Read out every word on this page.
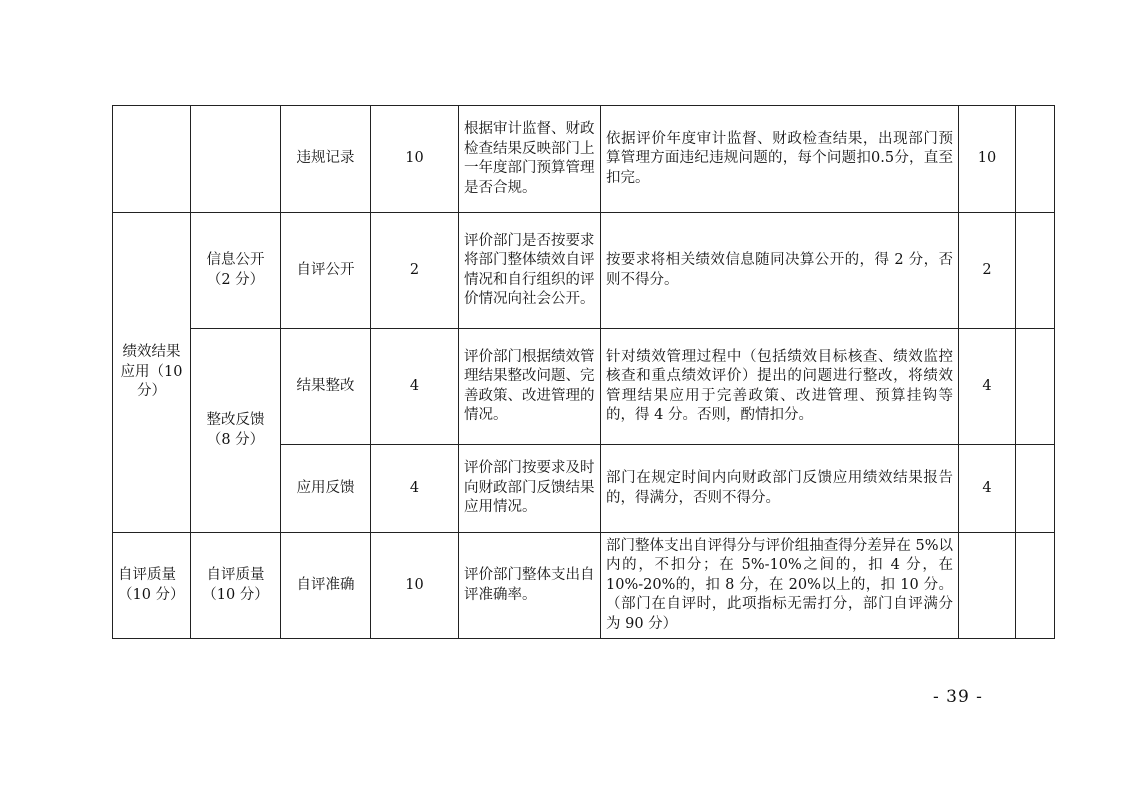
		违规记录	10	根据审计监督、财政检查结果反映部门上一年度部门预算管理是否合规。	依据评价年度审计监督、财政检查结果，出现部门预算管理方面违纪违规问题的，每个问题扣0.5分，直至扣完。	10	
绩效结果应用（10 分）	信息公开（2 分）	自评公开	2	评价部门是否按要求将部门整体绩效自评情况和自行组织的评价情况向社会公开。	按要求将相关绩效信息随同决算公开的，得 2 分，否则不得分。	2	
	整改反馈（8 分）	结果整改	4	评价部门根据绩效管理结果整改问题、完善政策、改进管理的情况。	针对绩效管理过程中（包括绩效目标核查、绩效监控核查和重点绩效评价）提出的问题进行整改，将绩效管理结果应用于完善政策、改进管理、预算挂钩等的，得 4 分。否则，酌情扣分。	4	
		应用反馈	4	评价部门按要求及时向财政部门反馈结果应用情况。	部门在规定时间内向财政部门反馈应用绩效结果报告的，得满分，否则不得分。	4	
自评质量（10 分）	自评质量（10 分）	自评准确	10	评价部门整体支出自评准确率。	部门整体支出自评得分与评价组抽查得分差异在 5%以内的，不扣分；在 5%-10%之间的，扣 4 分，在 10%-20%的，扣 8 分，在 20%以上的，扣 10 分。（部门在自评时，此项指标无需打分，部门自评满分为 90 分）		
- 39 -
